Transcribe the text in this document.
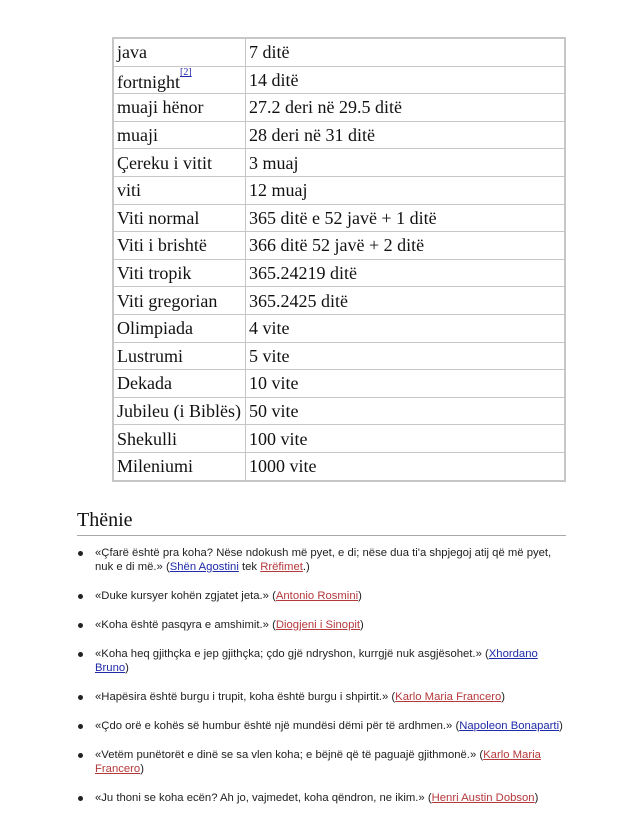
java	7 ditë
fortnight[2]	14 ditë
muaji hënor	27.2 deri në 29.5 ditë
muaji	28 deri në 31 ditë
Çereku i vitit	3 muaj
viti	12 muaj
Viti normal	365 ditë e 52 javë + 1 ditë
Viti i brishtë	366 ditë 52 javë + 2 ditë
Viti tropik	365.24219 ditë
Viti gregorian	365.2425 ditë
Olimpiada	4 vite
Lustrumi	5 vite
Dekada	10 vite
Jubileu (i Biblës)	50 vite
Shekulli	100 vite
Mileniumi	1000 vite
Thënie
«Çfarë është pra koha? Nëse ndokush më pyet, e di; nëse dua ti'a shpjegoj atij që më pyet, nuk e di më.» (Shën Agostini tek Rrëfimet.)
«Duke kursyer kohën zgjatet jeta.» (Antonio Rosmini)
«Koha është pasqyra e amshimit.» (Diogjeni i Sinopit)
«Koha heq gjithçka e jep gjithçka; çdo gjë ndryshon, kurrgjë nuk asgjësohet.» (Xhordano Bruno)
«Hapësira është burgu i trupit, koha është burgu i shpirtit.» (Karlo Maria Francero)
«Çdo orë e kohës së humbur është një mundësi dëmi për të ardhmen.» (Napoleon Bonaparti)
«Vetëm punëtorët e dinë se sa vlen koha; e bëjnë që të paguajë gjithmonë.» (Karlo Maria Francero)
«Ju thoni se koha ecën? Ah jo, vajmedet, koha qëndron, ne ikim.» (Henri Austin Dobson)
